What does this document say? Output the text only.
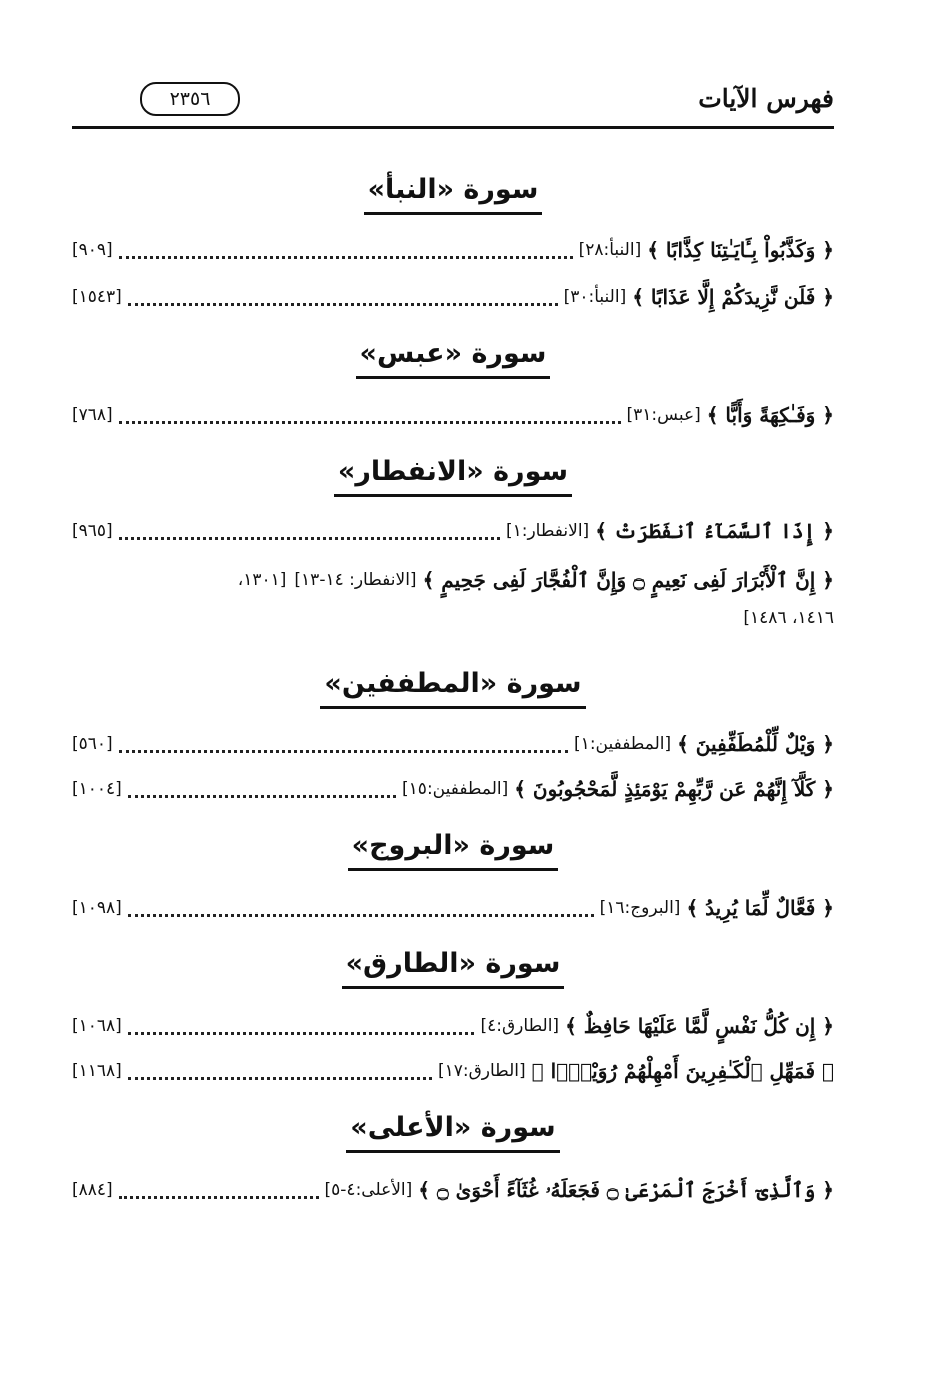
فهرس الآيات
٢٣٥٦
سورة «النبأ»
﴿ وَكَذَّبُواْ بِـَٔايَـٰتِنَا كِذَّابًا ﴾
[النبأ:٢٨]
[٩٠٩]
﴿ فَلَن نَّزِيدَكُمْ إِلَّا عَذَابًا ﴾
[النبأ:٣٠]
[١٥٤٣]
سورة «عبس»
﴿ وَفَـٰكِهَةً وَأَبًّا ﴾
[عبس:٣١]
[٧٦٨]
سورة «الانفطار»
﴿ إِذَا ٱلسَّمَآءُ ٱنفَطَرَتْ ﴾
[الانفطار:١]
[٩٦٥]
﴿ إِنَّ ٱلْأَبْرَارَ لَفِى نَعِيمٍ ۝ وَإِنَّ ٱلْفُجَّارَ لَفِى جَحِيمٍ ﴾
[الانفطار: ١٤-١٣]
[١٣٠١،
١٤١٦، ١٤٨٦]
سورة «المطففين»
﴿ وَيْلٌ لِّلْمُطَفِّفِينَ ﴾
[المطففين:١]
[٥٦٠]
﴿ كَلَّآ إِنَّهُمْ عَن رَّبِّهِمْ يَوْمَئِذٍ لَّمَحْجُوبُونَ ﴾
[المطففين:١٥]
[١٠٠٤]
سورة «البروج»
﴿ فَعَّالٌ لِّمَا يُرِيدُ ﴾
[البروج:١٦]
[١٠٩٨]
سورة «الطارق»
﴿ إِن كُلُّ نَفْسٍ لَّمَّا عَلَيْهَا حَافِظٌ ﴾
[الطارق:٤]
[١٠٦٨]
﴿ فَمَهِّلِ ٱلْكَـٰفِرِينَ أَمْهِلْهُمْ رُوَيْدًۢا ﴾
[الطارق:١٧]
[١١٦٨]
سورة «الأعلى»
﴿ وَٱلَّذِىٓ أَخْرَجَ ٱلْمَرْعَىٰ ۝ فَجَعَلَهُۥ غُثَآءً أَحْوَىٰ ۝ ﴾
[الأعلى:٤-٥]
[٨٨٤]
